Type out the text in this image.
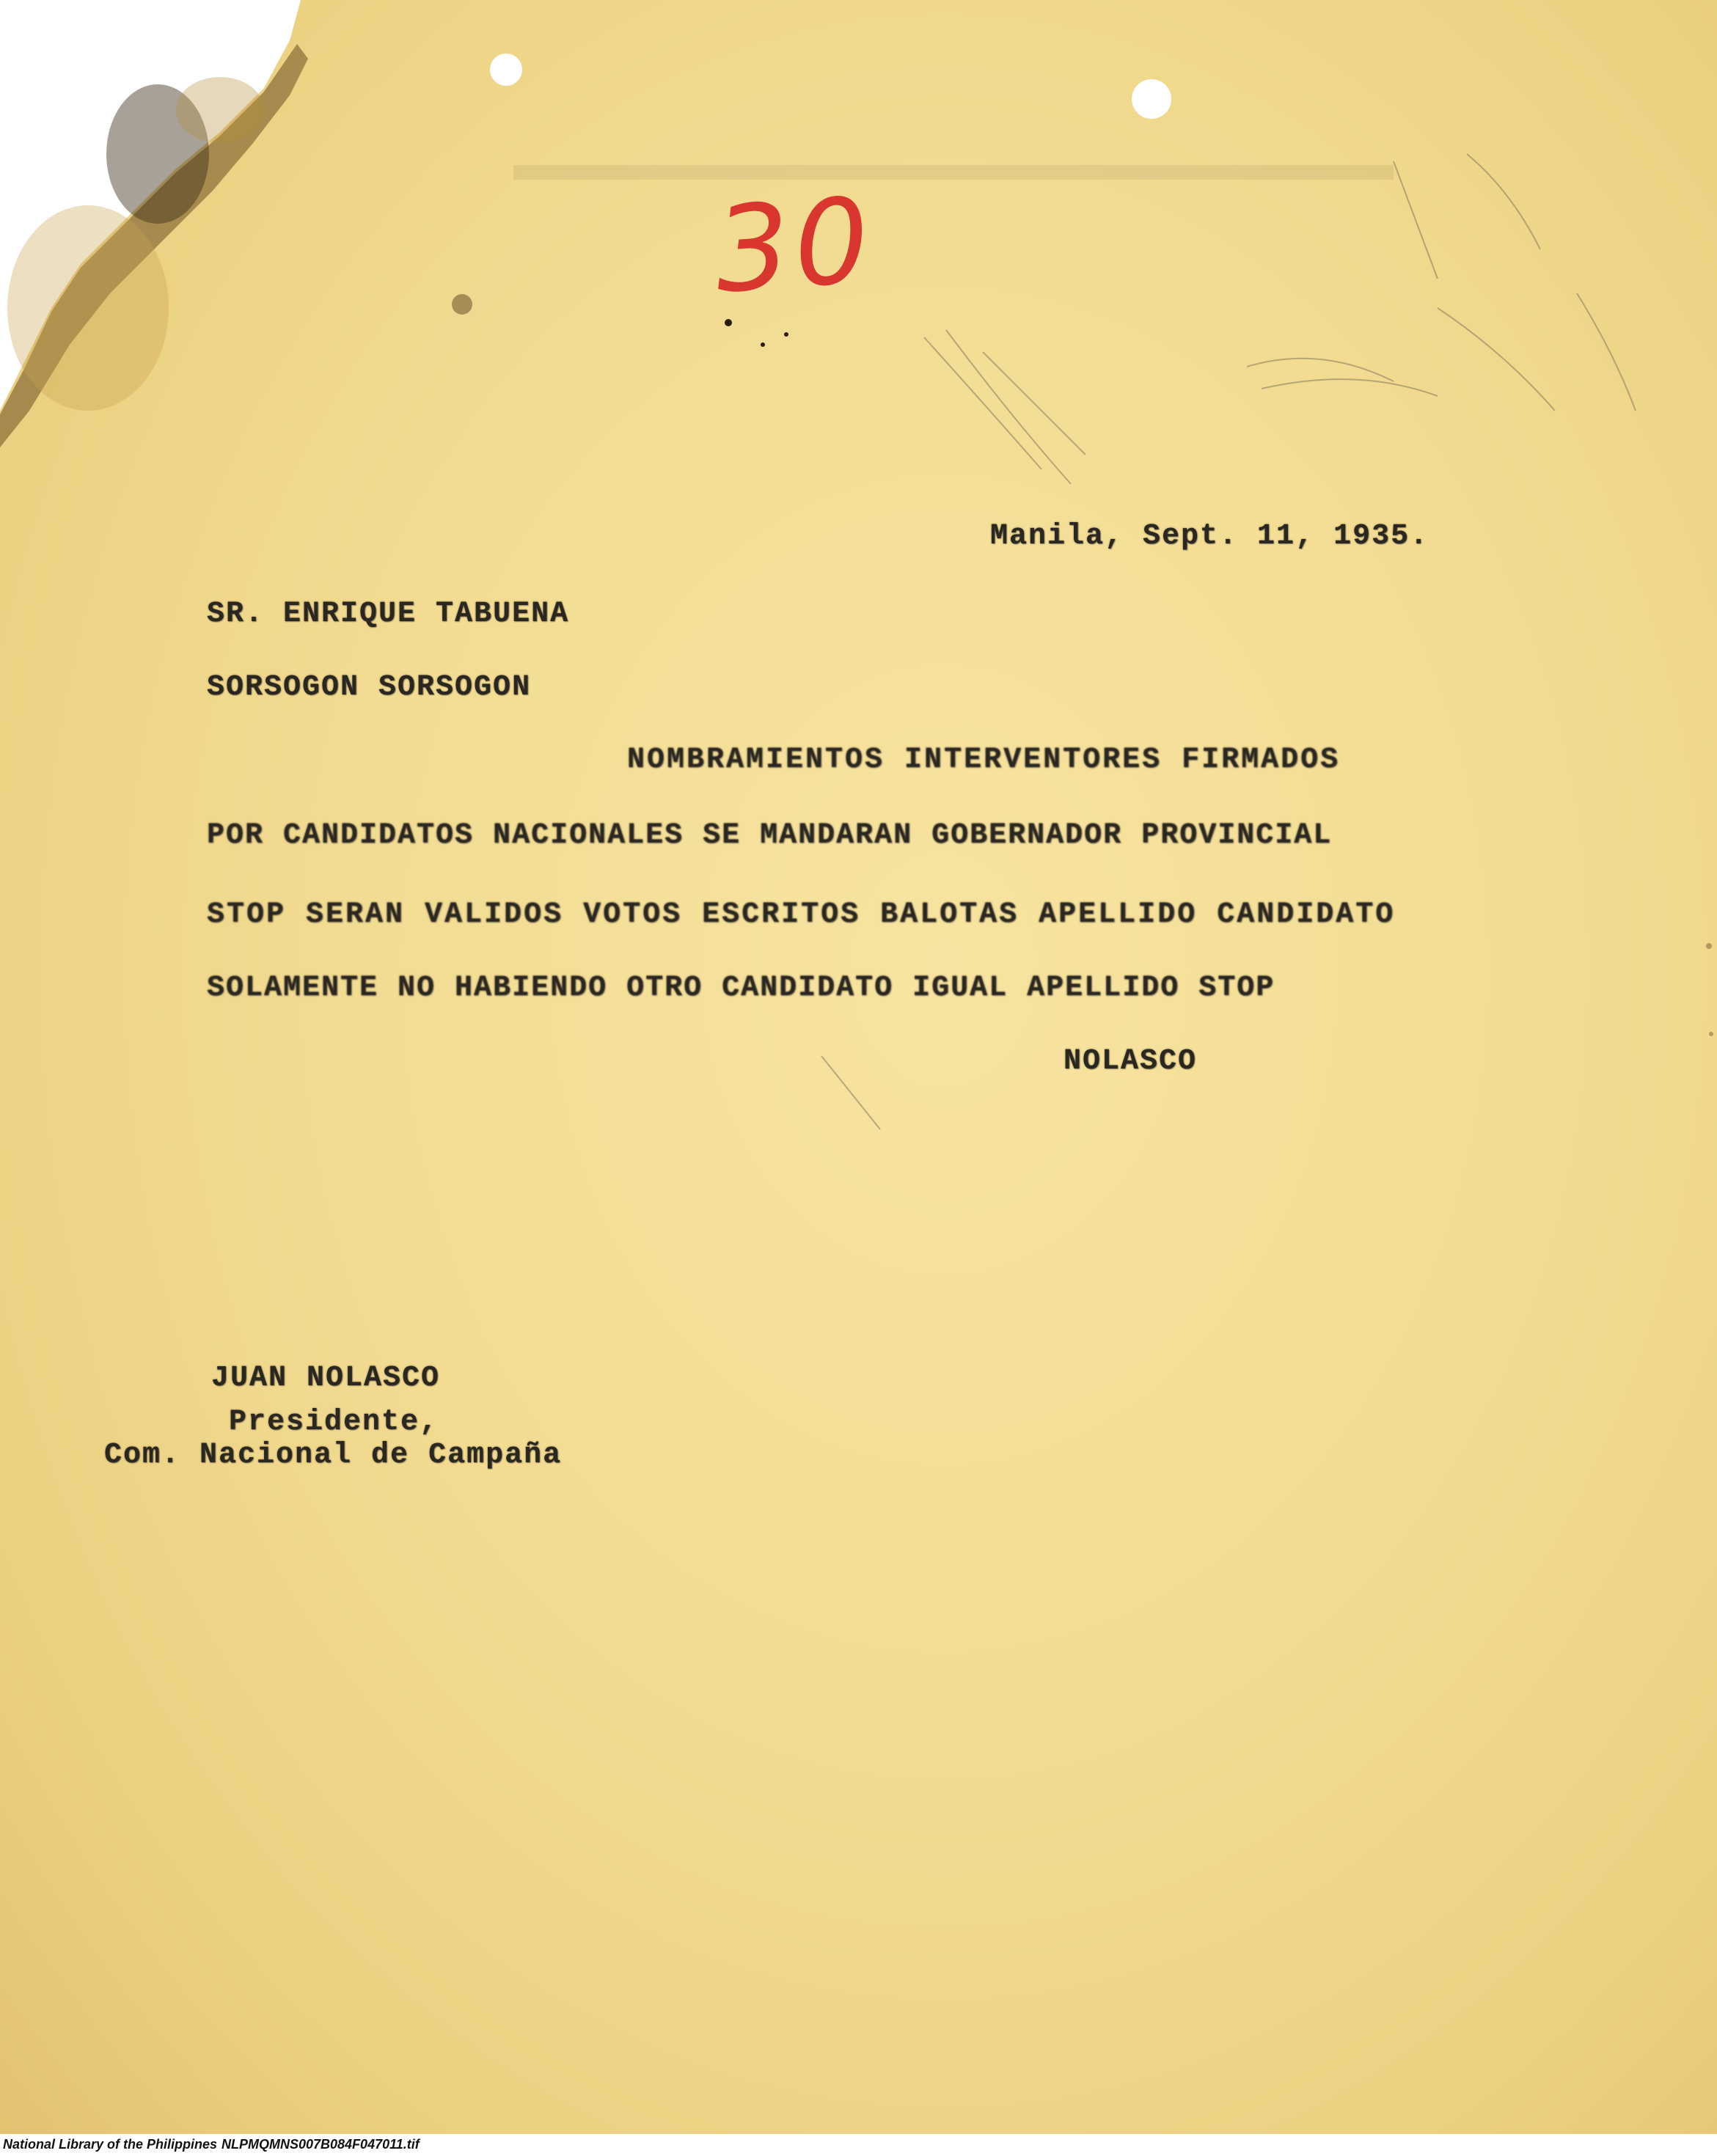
30
Manila, Sept. 11, 1935.
SR. ENRIQUE TABUENA
SORSOGON SORSOGON
NOMBRAMIENTOS INTERVENTORES FIRMADOS
POR CANDIDATOS NACIONALES SE MANDARAN GOBERNADOR PROVINCIAL
STOP SERAN VALIDOS VOTOS ESCRITOS BALOTAS APELLIDO CANDIDATO
SOLAMENTE NO HABIENDO OTRO CANDIDATO IGUAL APELLIDO STOP
NOLASCO
JUAN NOLASCO
Presidente,
Com. Nacional de Campaña
National Library of the Philippines NLPMQMNS007B084F047011.tif
